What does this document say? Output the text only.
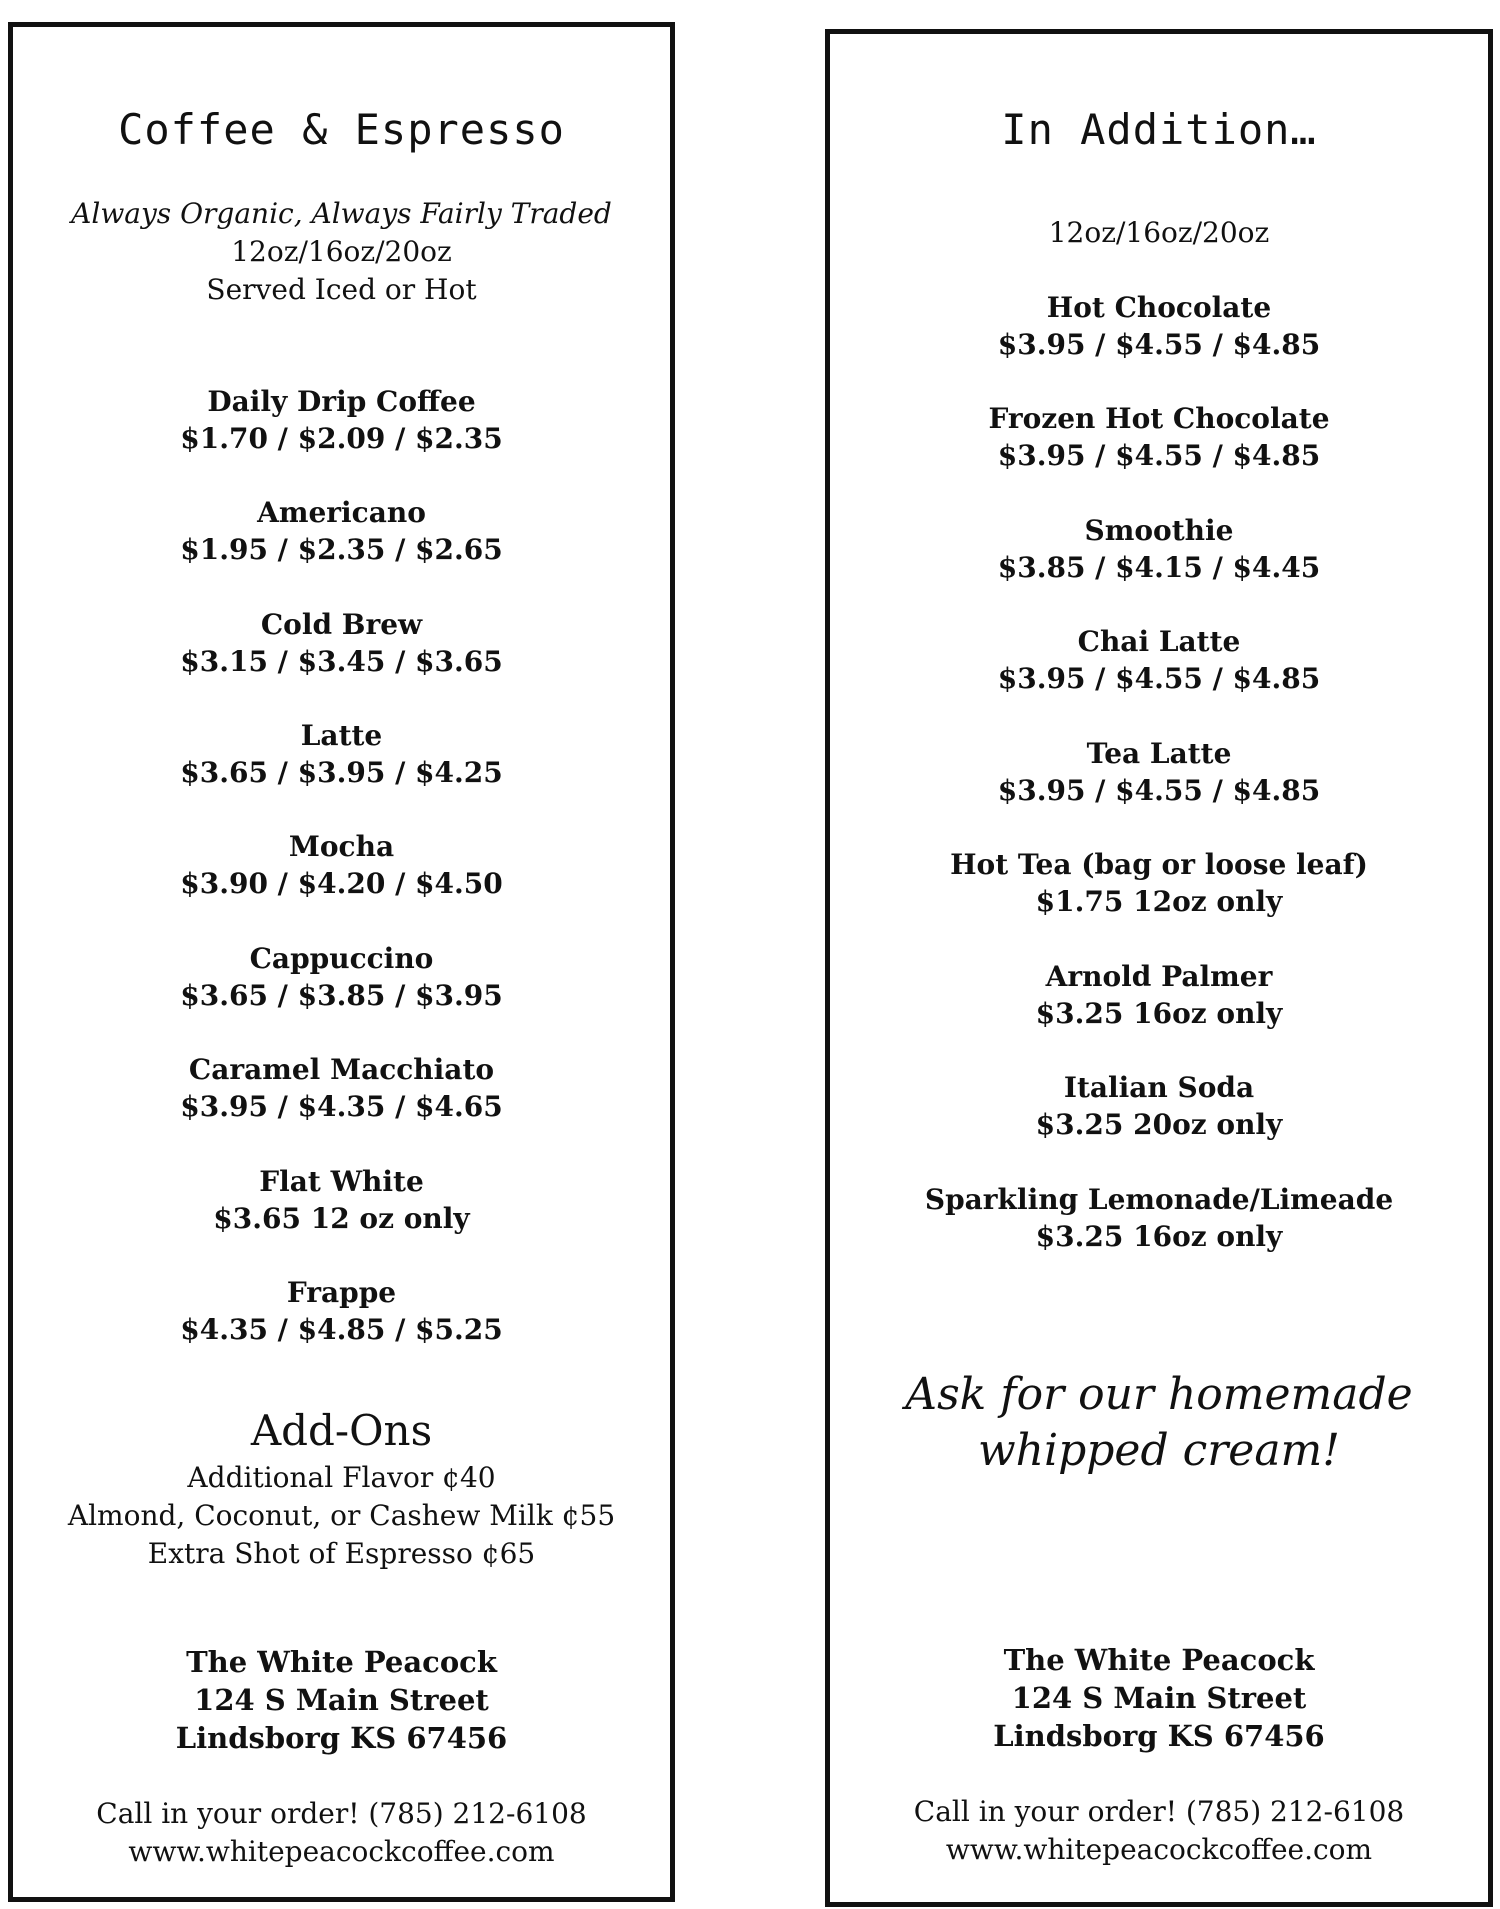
Coffee & Espresso
Always Organic, Always Fairly Traded
12oz/16oz/20oz
Served Iced or Hot
Daily Drip Coffee
$1.70 / $2.09 / $2.35
Americano
$1.95 / $2.35 / $2.65
Cold Brew
$3.15 / $3.45 / $3.65
Latte
$3.65 / $3.95 / $4.25
Mocha
$3.90 / $4.20 / $4.50
Cappuccino
$3.65 / $3.85 / $3.95
Caramel Macchiato
$3.95 / $4.35 / $4.65
Flat White
$3.65 12 oz only
Frappe
$4.35 / $4.85 / $5.25
Add-Ons
Additional Flavor ¢40
Almond, Coconut, or Cashew Milk ¢55
Extra Shot of Espresso ¢65
The White Peacock
124 S Main Street
Lindsborg KS 67456
Call in your order! (785) 212-6108
www.whitepeacockcoffee.com
In Addition…
12oz/16oz/20oz
Hot Chocolate
$3.95 / $4.55 / $4.85
Frozen Hot Chocolate
$3.95 / $4.55 / $4.85
Smoothie
$3.85 / $4.15 / $4.45
Chai Latte
$3.95 / $4.55 / $4.85
Tea Latte
$3.95 / $4.55 / $4.85
Hot Tea (bag or loose leaf)
$1.75 12oz only
Arnold Palmer
$3.25 16oz only
Italian Soda
$3.25 20oz only
Sparkling Lemonade/Limeade
$3.25 16oz only
Ask for our homemade
whipped cream!
The White Peacock
124 S Main Street
Lindsborg KS 67456
Call in your order! (785) 212-6108
www.whitepeacockcoffee.com
